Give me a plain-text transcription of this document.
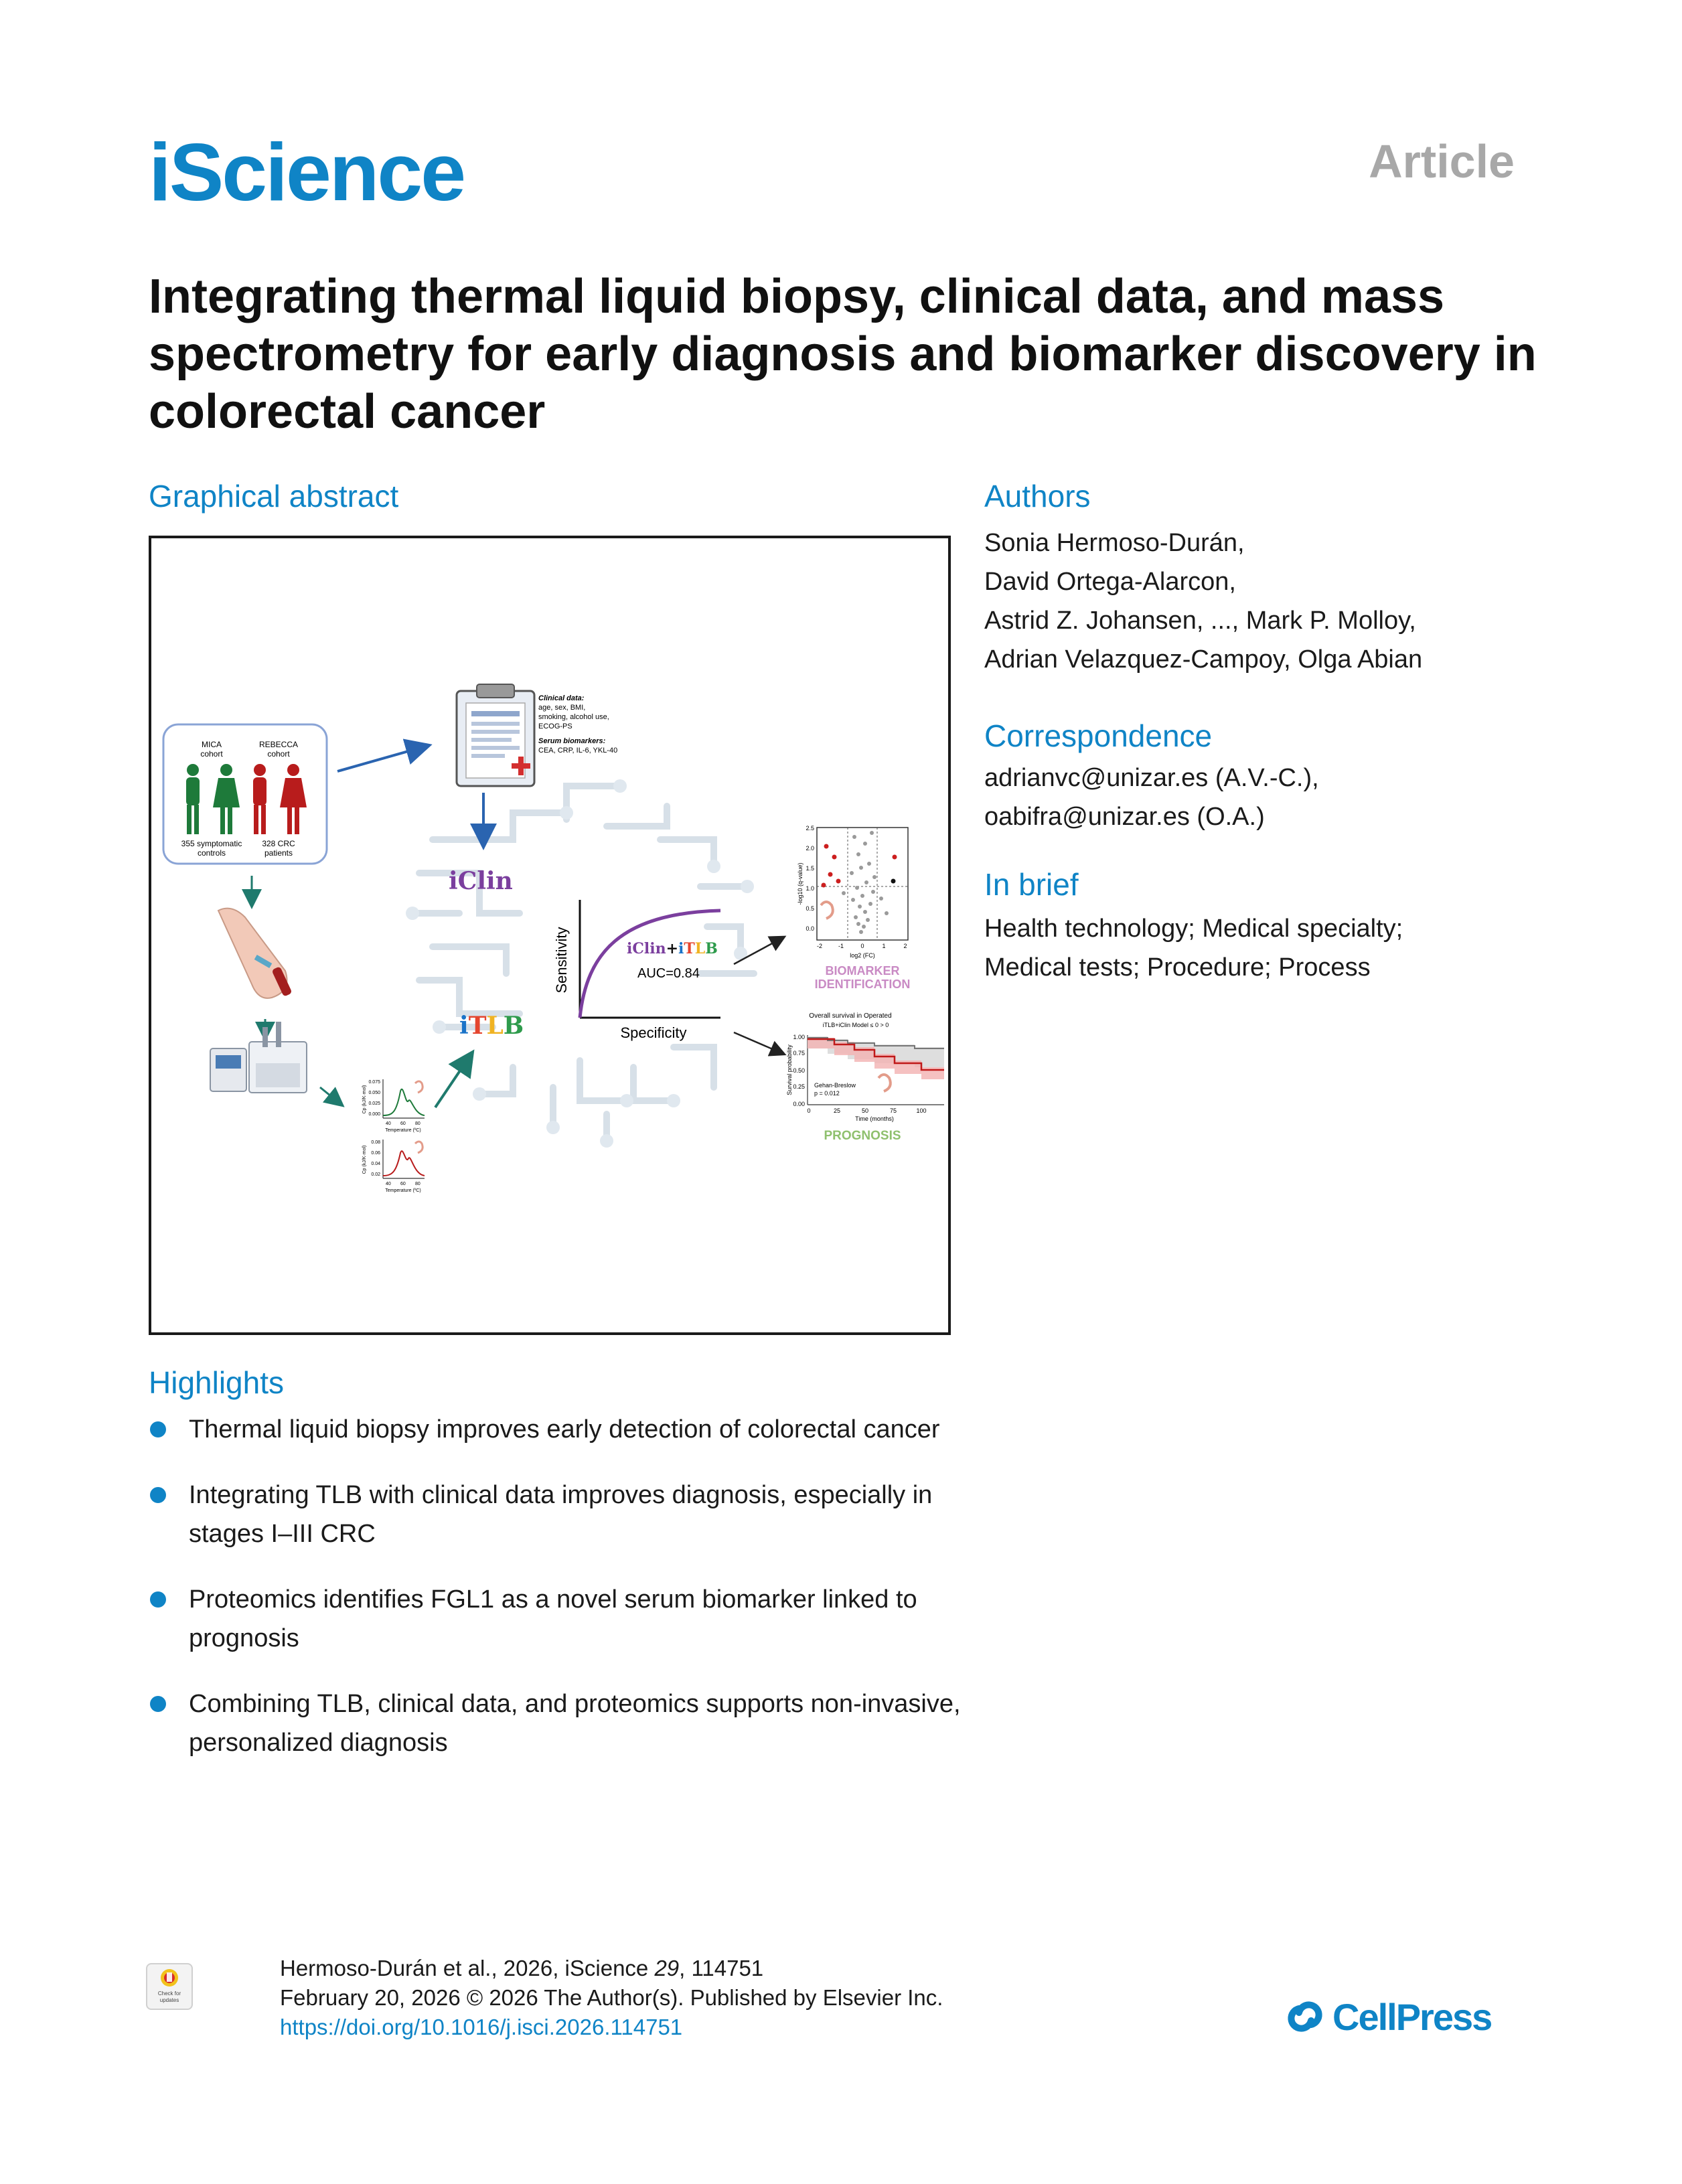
iScience	Article
Integrating thermal liquid biopsy, clinical data, and mass spectrometry for early diagnosis and biomarker discovery in colorectal cancer
Graphical abstract	Authors
Correspondence
In brief
Sonia Hermoso-Durán,
David Ortega-Alarcon,
Astrid Z. Johansen, ..., Mark P. Molloy,
Adrian Velazquez-Campoy, Olga Abian
adrianvc@unizar.es (A.V.-C.),
oabifra@unizar.es (O.A.)
Health technology; Medical specialty; Medical tests; Procedure; Process
MICA
cohort
REBECCA
cohort
355 symptomatic
controls
328 CRC
patients
Clinical data:
age, sex, BMI,
smoking, alcohol use,
ECOG-PS
Serum biomarkers:
CEA, CRP, IL-6, YKL-40
iClin
0.075
0.050
0.025
0.000
40 60 80
Temperature (ºC)
Cp (kJ/K·mol)
0.08
0.06
0.04
0.02
40 60 80
Temperature (ºC)
Cp (kJ/K·mol)
iTLB
Sensitivity
Specificity
iClin+iTLB
AUC=0.84
2.5
2.0
1.5
1.0
0.5
0.0
-2	-1	0	1	2
log2 (FC)
-log10 (q-value)
BIOMARKER
IDENTIFICATION
Overall survival in Operated
iTLB+iClin Model ≤ 0 > 0
1.00
0.75
0.50
0.25
0.00
0	25	50	75	100
Time (months)
Survival probability	Gehan-Breslow
p = 0.012
PROGNOSIS
Highlights
Thermal liquid biopsy improves early detection of colorectal cancer
Integrating TLB with clinical data improves diagnosis, especially in stages I–III CRC
Proteomics identifies FGL1 as a novel serum biomarker linked to prognosis
Combining TLB, clinical data, and proteomics supports non-invasive, personalized diagnosis
Check for
updates
Hermoso-Durán et al., 2026, iScience 29, 114751
February 20, 2026 © 2026 The Author(s). Published by Elsevier Inc.
https://doi.org/10.1016/j.isci.2026.114751	CellPress
